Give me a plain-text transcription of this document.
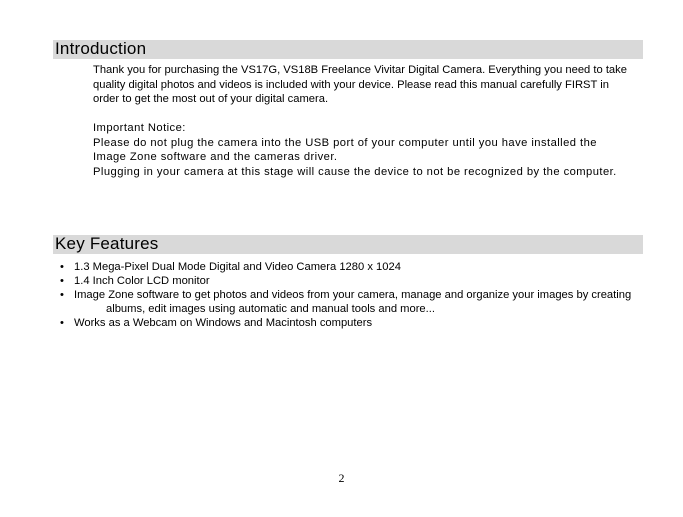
Introduction

Thank you for purchasing the VS17G, VS18B Freelance Vivitar Digital Camera. Everything you need to take quality digital photos and videos is included with your device. Please read this manual carefully FIRST in order to get the most out of your digital camera.

Important Notice:

Please do not plug the camera into the USB port of your computer until you have installed the Image Zone software and the cameras driver.

Plugging in your camera at this stage will cause the device to not be recognized by the computer.

Key Features
• 1.3 Mega-Pixel Dual Mode Digital and Video Camera 1280 x 1024
• 1.4 Inch Color LCD monitor
• Image Zone software to get photos and videos from your camera, manage and organize your images by creating albums, edit images using automatic and manual tools and more...
• Works as a Webcam on Windows and Macintosh computers
2
